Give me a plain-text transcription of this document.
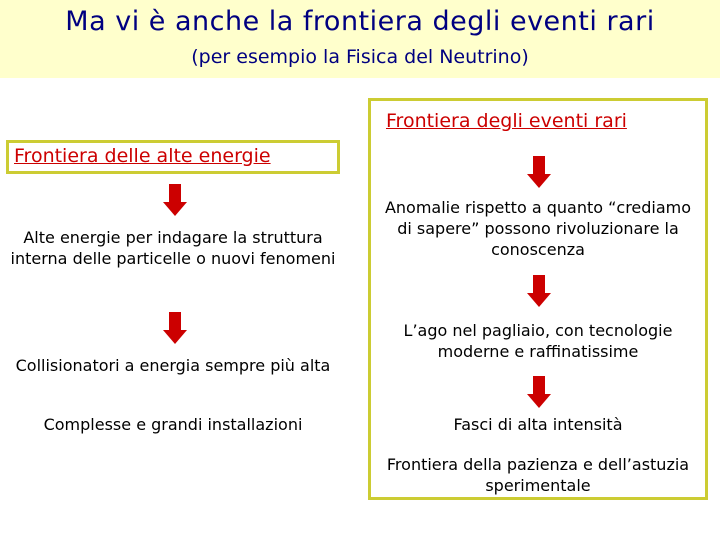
Ma vi è anche la frontiera degli eventi rari
(per esempio la Fisica del Neutrino)
Frontiera degli eventi rari
Frontiera delle alte energie
Alte energie per indagare la struttura interna delle particelle o nuovi fenomeni
Collisionatori a energia sempre più alta
Complesse e grandi installazioni
Anomalie rispetto a quanto “crediamo di sapere” possono rivoluzionare la conoscenza
L’ago nel pagliaio, con tecnologie moderne e raffinatissime
Fasci di alta intensità
Frontiera della pazienza e dell’astuzia sperimentale
